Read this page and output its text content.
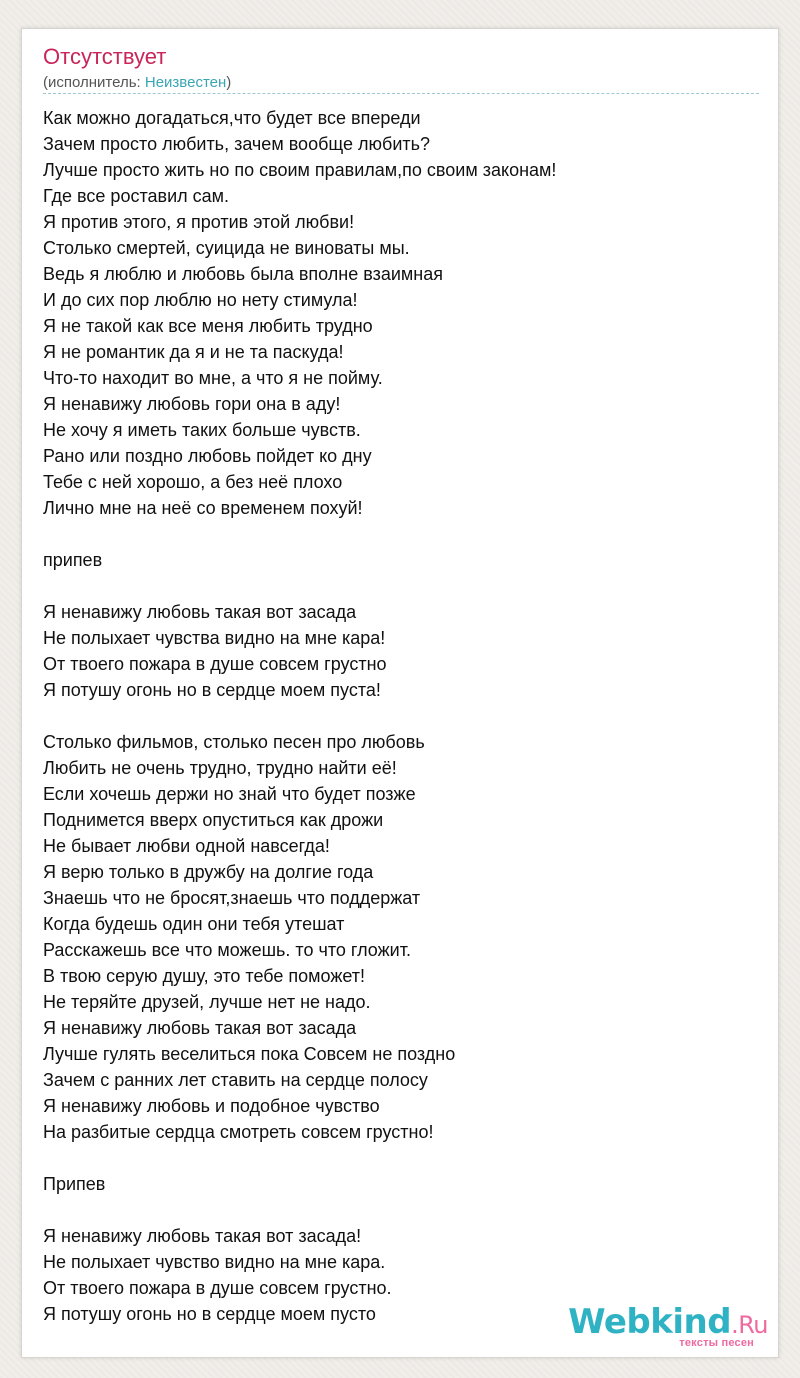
Отсутствует
(исполнитель: Неизвестен)
Как можно догадаться,что будет все впереди
Зачем просто любить, зачем вообще любить?
Лучше просто жить но по своим правилам,по своим законам!
Где все роставил сам.
Я против этого, я против этой любви!
Столько смертей, суицида не виноваты мы.
Ведь я люблю и любовь была вполне взаимная
И до сих пор люблю но нету стимула!
Я не такой как все меня любить трудно
Я не романтик да я и не та паскуда!
Что-то находит во мне, а что я не пойму.
Я ненавижу любовь гори она в аду!
Не хочу я иметь таких больше чувств.
Рано или поздно любовь пойдет ко дну
Тебе с ней хорошо, а без неё плохо
Лично мне на неё со временем похуй!
припев
Я ненавижу любовь такая вот засада
Не полыхает чувства видно на мне кара!
От твоего пожара в душе совсем грустно
Я потушу огонь но в сердце моем пуста!
Столько фильмов, столько песен про любовь
Любить не очень трудно, трудно найти её!
Если хочешь держи но знай что будет позже
Поднимется вверх опуститься как дрожи
Не бывает любви одной навсегда!
Я верю только в дружбу на долгие года
Знаешь что не бросят,знаешь что поддержат
Когда будешь один они тебя утешат
Расскажешь все что можешь. то что гложит.
В твою серую душу, это тебе поможет!
Не теряйте друзей, лучше нет не надо.
Я ненавижу любовь такая вот засада
Лучше гулять веселиться пока Совсем не поздно
Зачем с ранних лет ставить на сердце полосу
Я ненавижу любовь и подобное чувство
На разбитые сердца смотреть совсем грустно!
Припев
Я ненавижу любовь такая вот засада!
Не полыхает чувство видно на мне кара.
От твоего пожара в душе совсем грустно.
Я потушу огонь но в сердце моем пусто	Webkind.Ru
тексты песен
